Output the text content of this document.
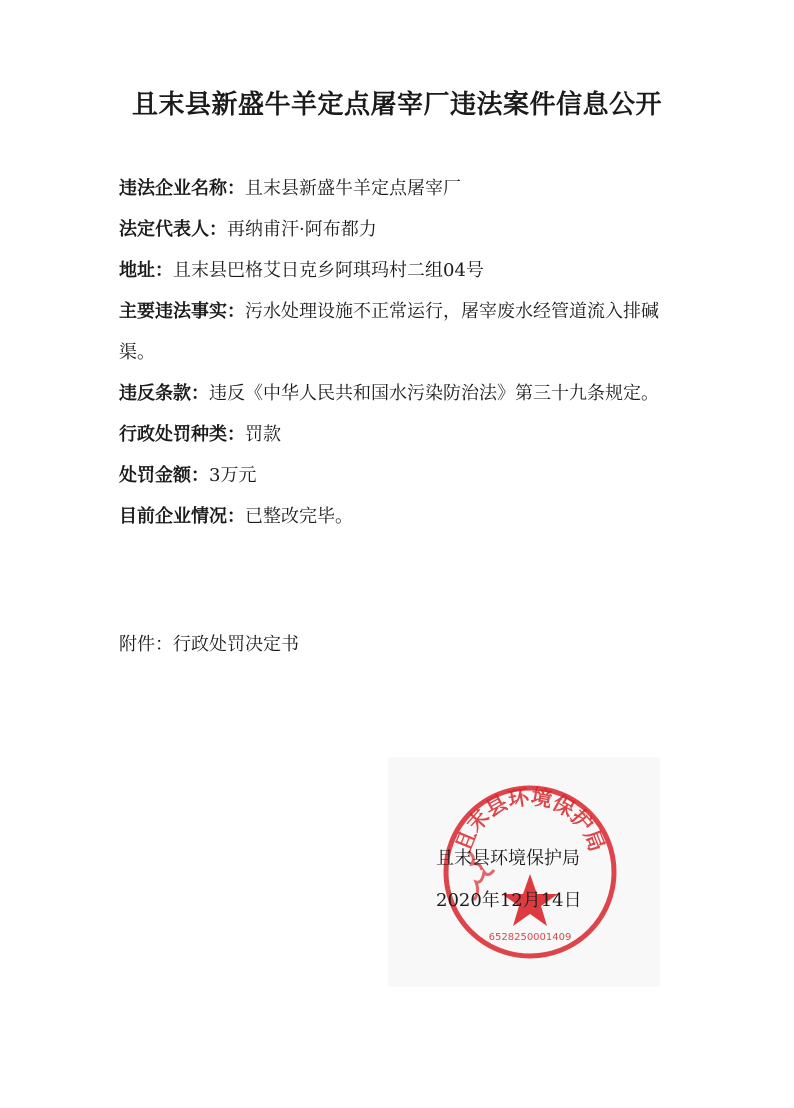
且末县新盛牛羊定点屠宰厂违法案件信息公开

违法企业名称：且末县新盛牛羊定点屠宰厂

法定代表人：再纳甫汗·阿布都力

地址：且末县巴格艾日克乡阿琪玛村二组04号

主要违法事实：污水处理设施不正常运行，屠宰废水经管道流入排碱渠。

违反条款：违反《中华人民共和国水污染防治法》第三十九条规定。

行政处罚种类：罚款

处罚金额：3万元

目前企业情况：已整改完毕。

附件：行政处罚决定书
且末县环境保护局
6528250001409
且末县环境保护局
2020年12月14日
